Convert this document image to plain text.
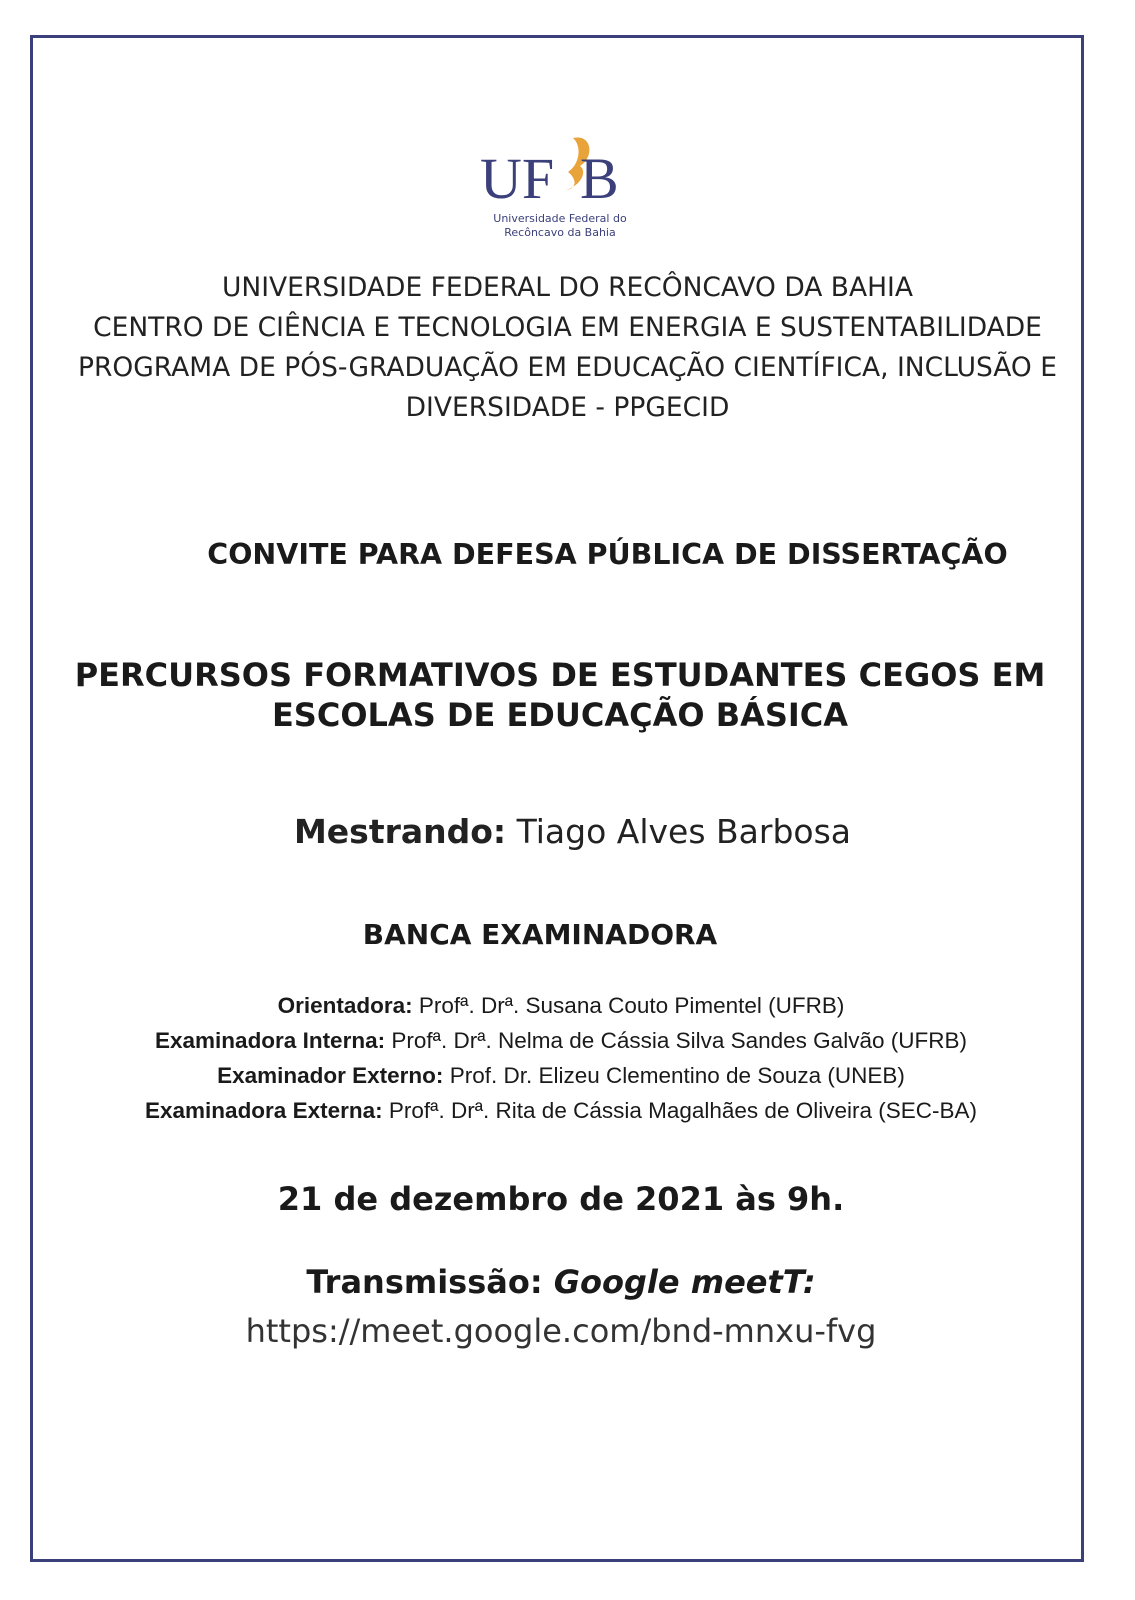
UF B
Universidade Federal do
Recôncavo da Bahia
UNIVERSIDADE FEDERAL DO RECÔNCAVO DA BAHIA
CENTRO DE CIÊNCIA E TECNOLOGIA EM ENERGIA E SUSTENTABILIDADE
PROGRAMA DE PÓS-GRADUAÇÃO EM EDUCAÇÃO CIENTÍFICA, INCLUSÃO E
DIVERSIDADE - PPGECID
CONVITE PARA DEFESA PÚBLICA DE DISSERTAÇÃO
PERCURSOS FORMATIVOS DE ESTUDANTES CEGOS EM
ESCOLAS DE EDUCAÇÃO BÁSICA
Mestrando: Tiago Alves Barbosa
BANCA EXAMINADORA
Orientadora: Profª. Drª. Susana Couto Pimentel (UFRB)
Examinadora Interna: Profª. Drª. Nelma de Cássia Silva Sandes Galvão (UFRB)
Examinador Externo: Prof. Dr. Elizeu Clementino de Souza (UNEB)
Examinadora Externa: Profª. Drª. Rita de Cássia Magalhães de Oliveira (SEC-BA)
21 de dezembro de 2021 às 9h.
Transmissão: Google meetT:
https://meet.google.com/bnd-mnxu-fvg
